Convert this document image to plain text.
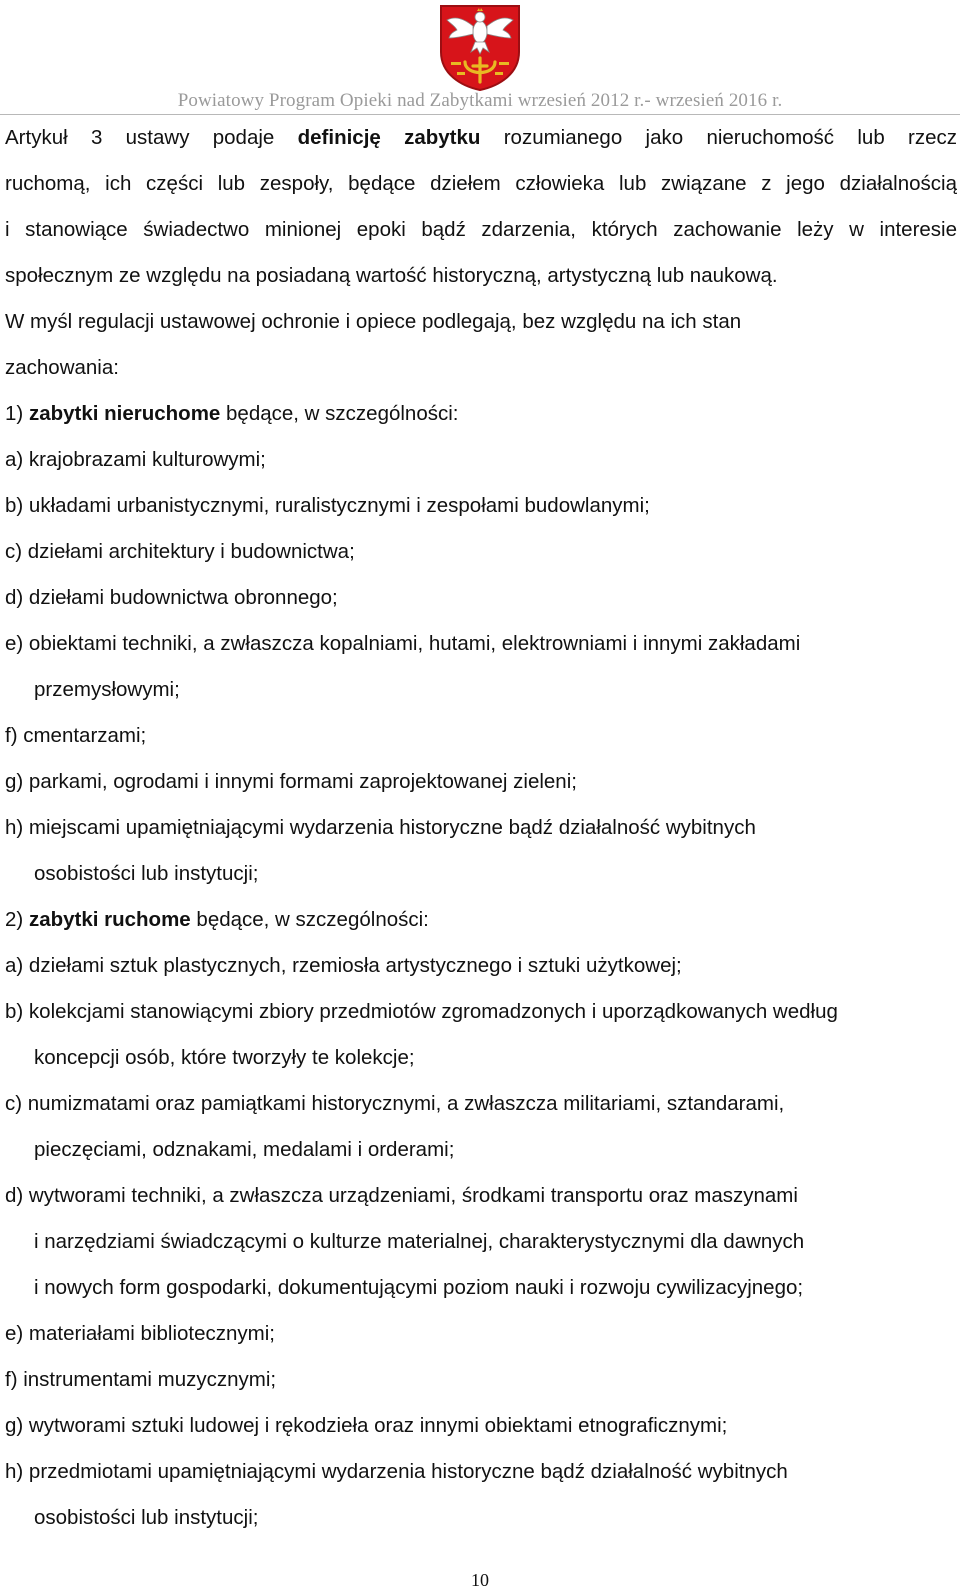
Powiatowy Program Opieki nad Zabytkami wrzesień 2012 r.- wrzesień 2016 r.
Artykuł 3 ustawy podaje definicję zabytku rozumianego jako nieruchomość lub rzecz
ruchomą, ich części lub zespoły, będące dziełem człowieka lub związane z jego działalnością
i stanowiące świadectwo minionej epoki bądź zdarzenia, których zachowanie leży w interesie
społecznym ze względu na posiadaną wartość historyczną, artystyczną lub naukową.
W myśl regulacji ustawowej ochronie i opiece podlegają, bez względu na ich stan
zachowania:
1) zabytki nieruchome będące, w szczególności:
a) krajobrazami kulturowymi;
b) układami urbanistycznymi, ruralistycznymi i zespołami budowlanymi;
c) dziełami architektury i budownictwa;
d) dziełami budownictwa obronnego;
e) obiektami techniki, a zwłaszcza kopalniami, hutami, elektrowniami i innymi zakładami
przemysłowymi;
f) cmentarzami;
g) parkami, ogrodami i innymi formami zaprojektowanej zieleni;
h) miejscami upamiętniającymi wydarzenia historyczne bądź działalność wybitnych
osobistości lub instytucji;
2) zabytki ruchome będące, w szczególności:
a) dziełami sztuk plastycznych, rzemiosła artystycznego i sztuki użytkowej;
b) kolekcjami stanowiącymi zbiory przedmiotów zgromadzonych i uporządkowanych według
koncepcji osób, które tworzyły te kolekcje;
c) numizmatami oraz pamiątkami historycznymi, a zwłaszcza militariami, sztandarami,
pieczęciami, odznakami, medalami i orderami;
d) wytworami techniki, a zwłaszcza urządzeniami, środkami transportu oraz maszynami
i narzędziami świadczącymi o kulturze materialnej, charakterystycznymi dla dawnych
i nowych form gospodarki, dokumentującymi poziom nauki i rozwoju cywilizacyjnego;
e) materiałami bibliotecznymi;
f) instrumentami muzycznymi;
g) wytworami sztuki ludowej i rękodzieła oraz innymi obiektami etnograficznymi;
h) przedmiotami upamiętniającymi wydarzenia historyczne bądź działalność wybitnych
osobistości lub instytucji;
10
